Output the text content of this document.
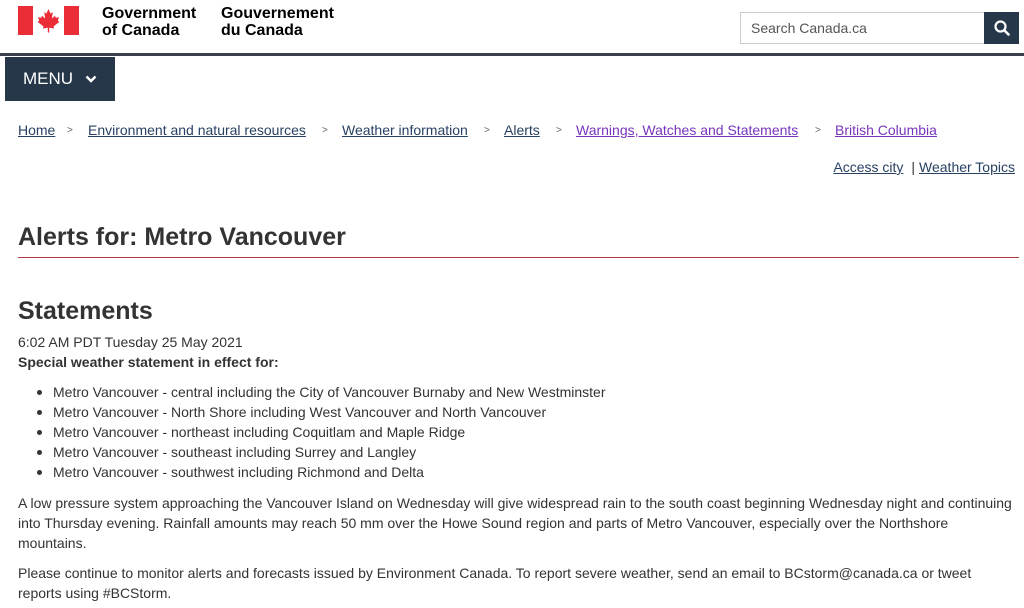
Government
of Canada
Gouvernement
du Canada
Search Canada.ca
MENU
Home > Environment and natural resources > Weather information > Alerts > Warnings, Watches and Statements > British Columbia
Access city | Weather Topics
Alerts for: Metro Vancouver
Statements
6:02 AM PDT Tuesday 25 May 2021
Special weather statement in effect for:
Metro Vancouver - central including the City of Vancouver Burnaby and New Westminster
Metro Vancouver - North Shore including West Vancouver and North Vancouver
Metro Vancouver - northeast including Coquitlam and Maple Ridge
Metro Vancouver - southeast including Surrey and Langley
Metro Vancouver - southwest including Richmond and Delta

A low pressure system approaching the Vancouver Island on Wednesday will give widespread rain to the south coast beginning Wednesday night and continuing into Thursday evening. Rainfall amounts may reach 50 mm over the Howe Sound region and parts of Metro Vancouver, especially over the Northshore mountains.

Please continue to monitor alerts and forecasts issued by Environment Canada. To report severe weather, send an email to BCstorm@canada.ca or tweet reports using #BCStorm.
